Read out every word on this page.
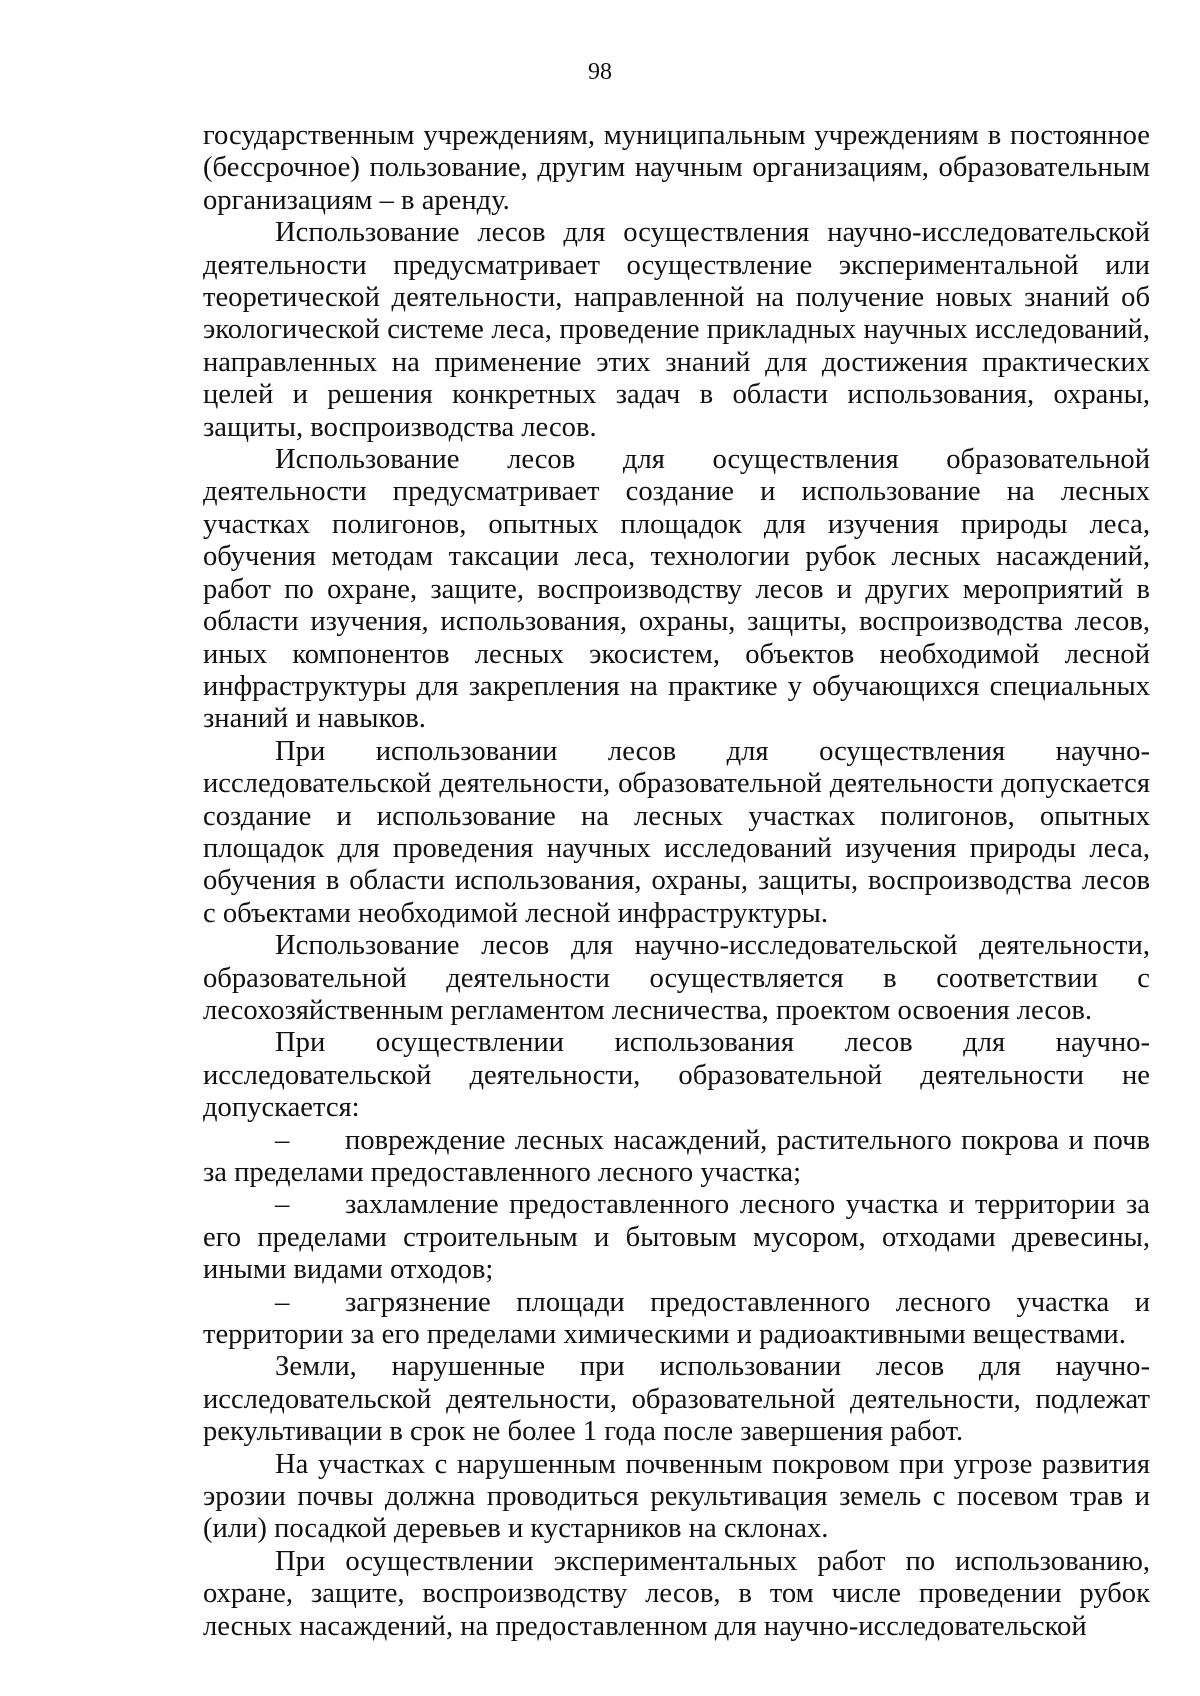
98

государственным учреждениям, муниципальным учреждениям в постоянное (бессрочное) пользование, другим научным организациям, образовательным организациям – в аренду.

Использование лесов для осуществления научно-исследовательской деятельности предусматривает осуществление экспериментальной или теоретической деятельности, направленной на получение новых знаний об экологической системе леса, проведение прикладных научных исследований, направленных на применение этих знаний для достижения практических целей и решения конкретных задач в области использования, охраны, защиты, воспроизводства лесов.

Использование лесов для осуществления образовательной деятельности предусматривает создание и использование на лесных участках полигонов, опытных площадок для изучения природы леса, обучения методам таксации леса, технологии рубок лесных насаждений, работ по охране, защите, воспроизводству лесов и других мероприятий в области изучения, использования, охраны, защиты, воспроизводства лесов, иных компонентов лесных экосистем, объектов необходимой лесной инфраструктуры для закрепления на практике у обучающихся специальных знаний и навыков.

При использовании лесов для осуществления научно-исследовательской деятельности, образовательной деятельности допускается создание и использование на лесных участках полигонов, опытных площадок для проведения научных исследований изучения природы леса, обучения в области использования, охраны, защиты, воспроизводства лесов с объектами необходимой лесной инфраструктуры.

Использование лесов для научно-исследовательской деятельности, образовательной деятельности осуществляется в соответствии с лесохозяйственным регламентом лесничества, проектом освоения лесов.

При осуществлении использования лесов для научно-исследовательской деятельности, образовательной деятельности не допускается:

– повреждение лесных насаждений, растительного покрова и почв за пределами предоставленного лесного участка;
– захламление предоставленного лесного участка и территории за его пределами строительным и бытовым мусором, отходами древесины, иными видами отходов;
– загрязнение площади предоставленного лесного участка и территории за его пределами химическими и радиоактивными веществами.

Земли, нарушенные при использовании лесов для научно-исследовательской деятельности, образовательной деятельности, подлежат рекультивации в срок не более 1 года после завершения работ.

На участках с нарушенным почвенным покровом при угрозе развития эрозии почвы должна проводиться рекультивация земель с посевом трав и (или) посадкой деревьев и кустарников на склонах.

При осуществлении экспериментальных работ по использованию, охране, защите, воспроизводству лесов, в том числе проведении рубок лесных насаждений, на предоставленном для научно-исследовательской
